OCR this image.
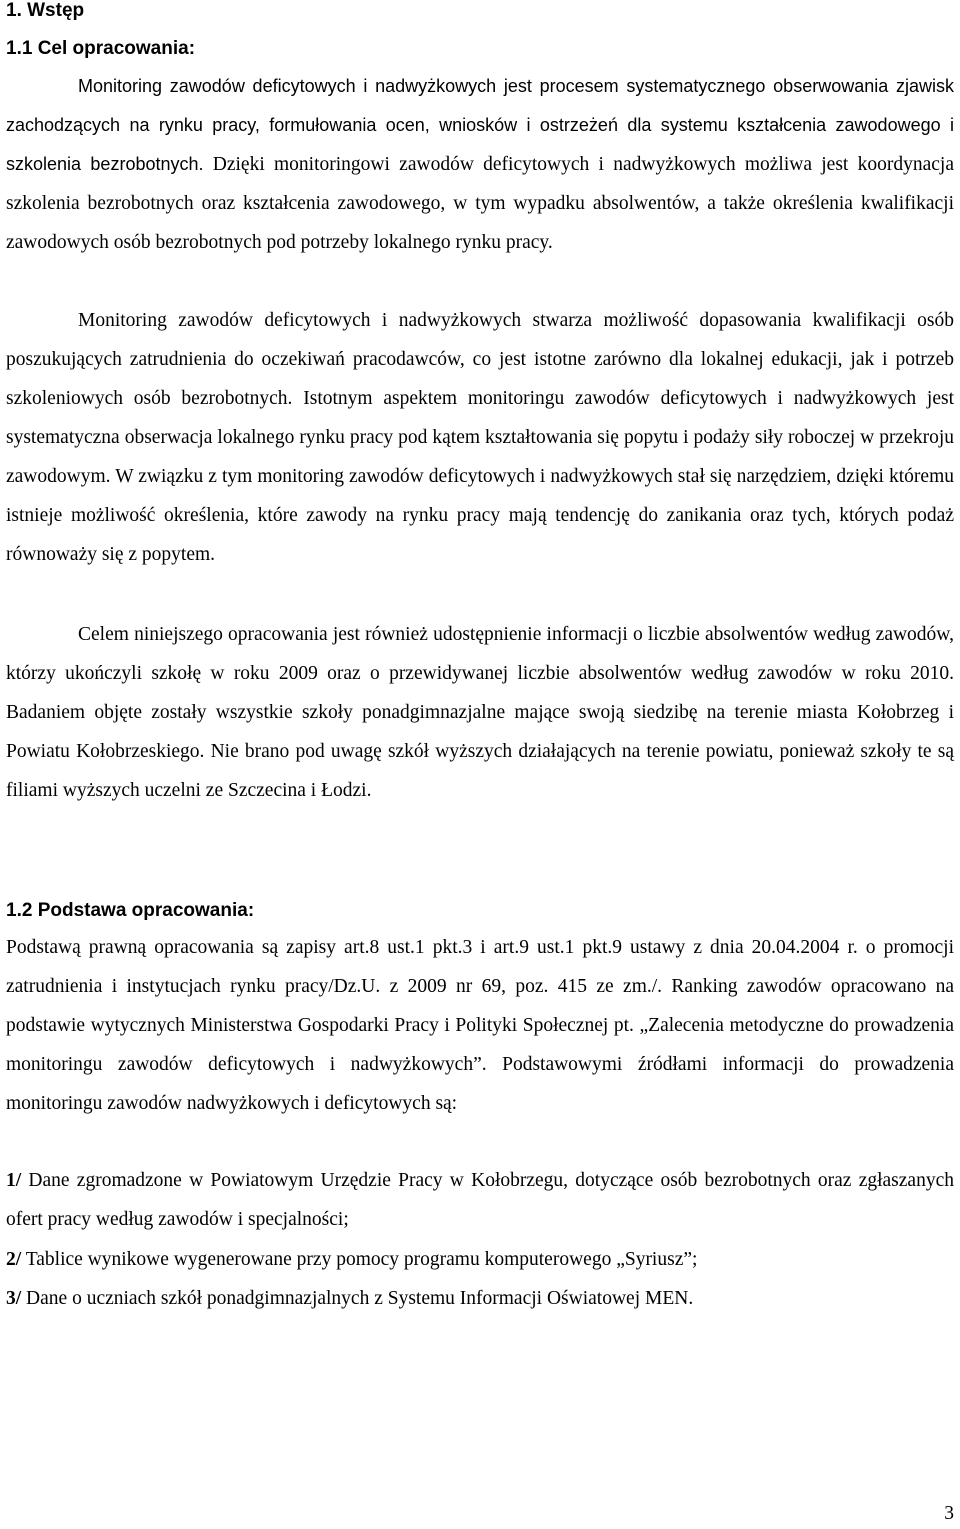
1. Wstęp
1.1 Cel opracowania:

Monitoring zawodów deficytowych i nadwyżkowych jest procesem systematycznego obserwowania zjawisk zachodzących na rynku pracy, formułowania ocen, wniosków i ostrzeżeń dla systemu kształcenia zawodowego i szkolenia bezrobotnych. Dzięki monitoringowi zawodów deficytowych i nadwyżkowych możliwa jest koordynacja szkolenia bezrobotnych oraz kształcenia zawodowego, w tym wypadku absolwentów, a także określenia kwalifikacji zawodowych osób bezrobotnych pod potrzeby lokalnego rynku pracy.

Monitoring zawodów deficytowych i nadwyżkowych stwarza możliwość dopasowania kwalifikacji osób poszukujących zatrudnienia do oczekiwań pracodawców, co jest istotne zarówno dla lokalnej edukacji, jak i potrzeb szkoleniowych osób bezrobotnych. Istotnym aspektem monitoringu zawodów deficytowych i nadwyżkowych jest systematyczna obserwacja lokalnego rynku pracy pod kątem kształtowania się popytu i podaży siły roboczej w przekroju zawodowym. W związku z tym monitoring zawodów deficytowych i nadwyżkowych stał się narzędziem, dzięki któremu istnieje możliwość określenia, które zawody na rynku pracy mają tendencję do zanikania oraz tych, których podaż równoważy się z popytem.

Celem niniejszego opracowania jest również udostępnienie informacji o liczbie absolwentów według zawodów, którzy ukończyli szkołę w roku 2009 oraz o przewidywanej liczbie absolwentów według zawodów w roku 2010. Badaniem objęte zostały wszystkie szkoły ponadgimnazjalne mające swoją siedzibę na terenie miasta Kołobrzeg i Powiatu Kołobrzeskiego. Nie brano pod uwagę szkół wyższych działających na terenie powiatu, ponieważ szkoły te są filiami wyższych uczelni ze Szczecina i Łodzi.

1.2 Podstawa opracowania:

Podstawą prawną opracowania są zapisy art.8 ust.1 pkt.3 i art.9 ust.1 pkt.9 ustawy z dnia 20.04.2004 r. o promocji zatrudnienia i instytucjach rynku pracy/Dz.U. z 2009 nr 69, poz. 415 ze zm./. Ranking zawodów opracowano na podstawie wytycznych Ministerstwa Gospodarki Pracy i Polityki Społecznej pt. „Zalecenia metodyczne do prowadzenia monitoringu zawodów deficytowych i nadwyżkowych”. Podstawowymi źródłami informacji do prowadzenia monitoringu zawodów nadwyżkowych i deficytowych są:

1/ Dane zgromadzone w Powiatowym Urzędzie Pracy w Kołobrzegu, dotyczące osób bezrobotnych oraz zgłaszanych ofert pracy według zawodów i specjalności;

2/ Tablice wynikowe wygenerowane przy pomocy programu komputerowego „Syriusz”;

3/ Dane o uczniach szkół ponadgimnazjalnych z Systemu Informacji Oświatowej MEN.

3
